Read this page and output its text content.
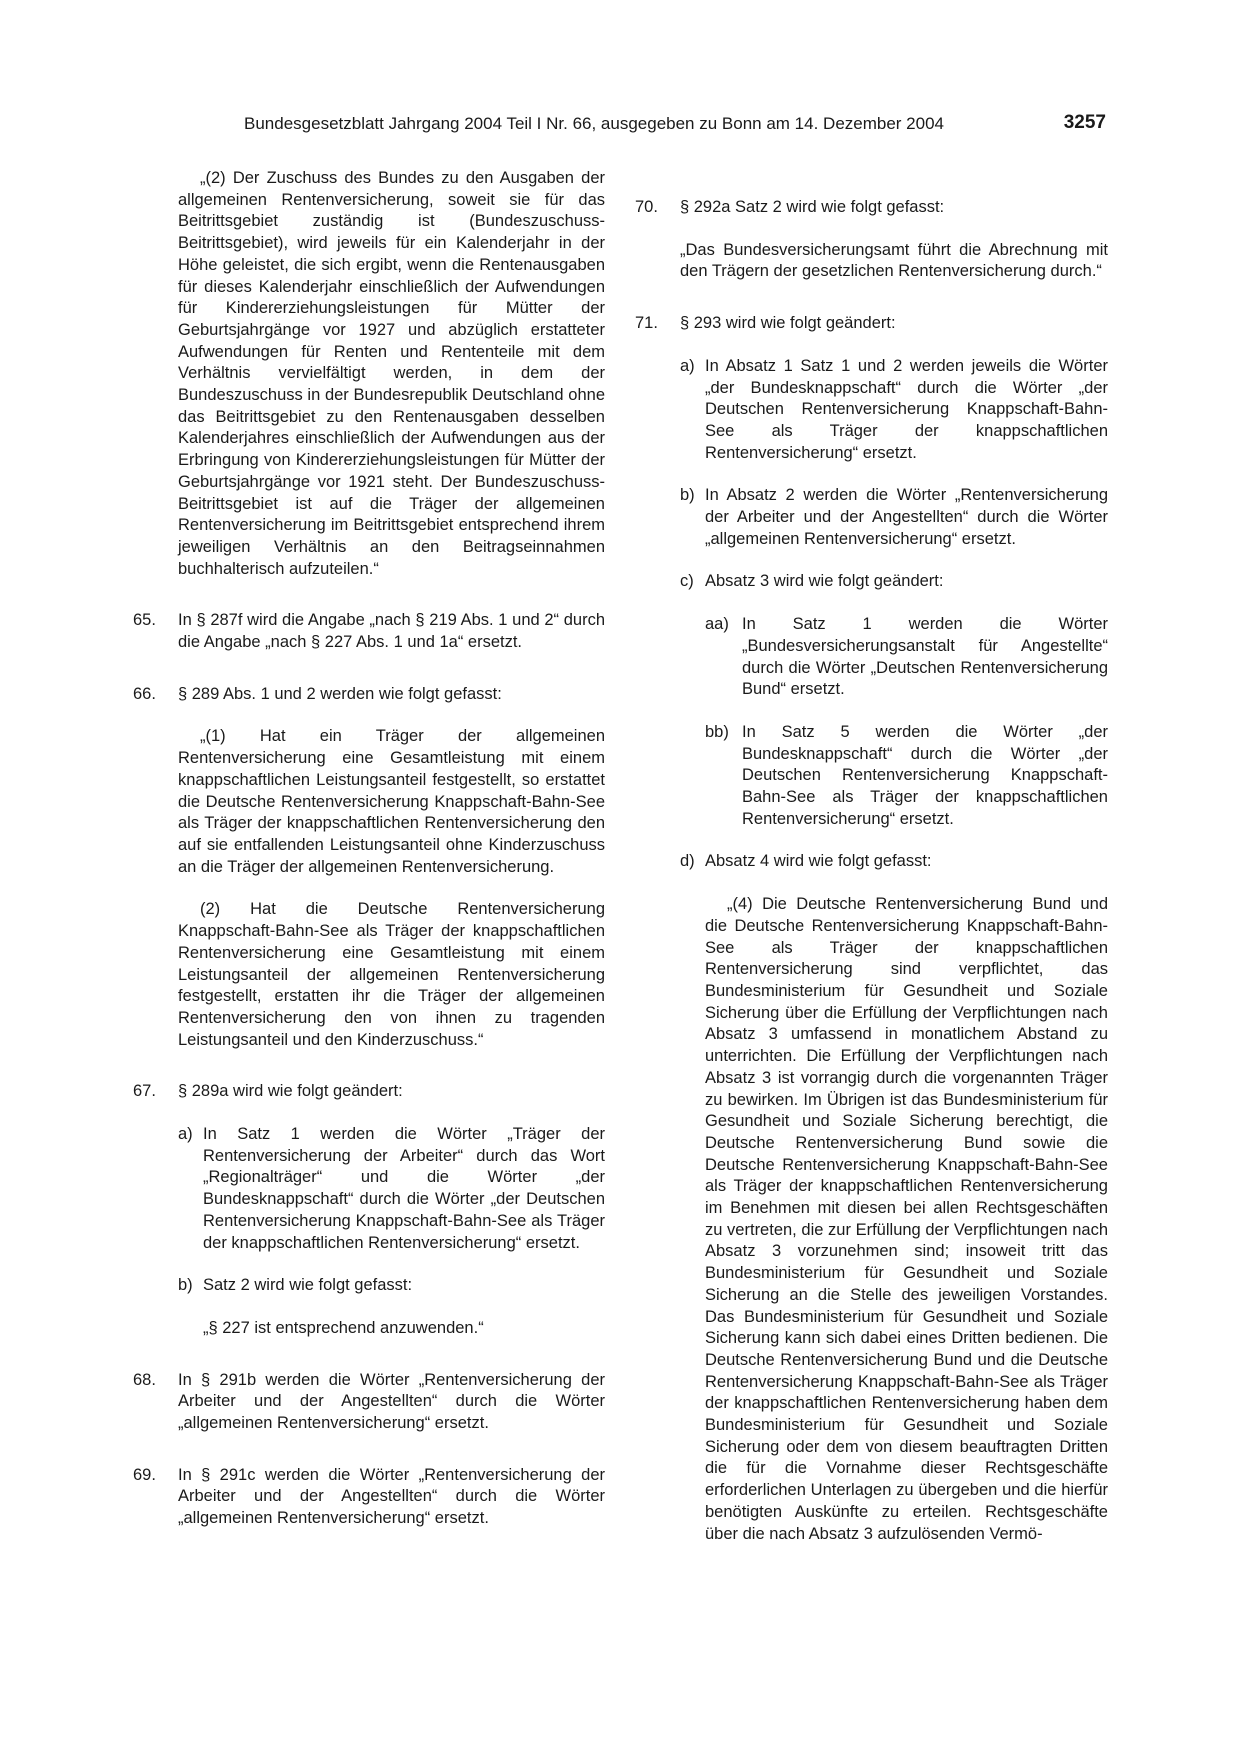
Bundesgesetzblatt Jahrgang 2004 Teil I Nr. 66, ausgegeben zu Bonn am 14. Dezember 2004	3257

„(2) Der Zuschuss des Bundes zu den Ausgaben der allgemeinen Rentenversicherung, soweit sie für das Beitrittsgebiet zuständig ist (Bundeszuschuss-Beitrittsgebiet), wird jeweils für ein Kalenderjahr in der Höhe geleistet, die sich ergibt, wenn die Rentenausgaben für dieses Kalenderjahr einschließlich der Aufwendungen für Kindererziehungsleistungen für Mütter der Geburtsjahrgänge vor 1927 und abzüglich erstatteter Aufwendungen für Renten und Rententeile mit dem Verhältnis vervielfältigt werden, in dem der Bundeszuschuss in der Bundesrepublik Deutschland ohne das Beitrittsgebiet zu den Rentenausgaben desselben Kalenderjahres einschließlich der Aufwendungen aus der Erbringung von Kindererziehungsleistungen für Mütter der Geburtsjahrgänge vor 1921 steht. Der Bundeszuschuss-Beitrittsgebiet ist auf die Träger der allgemeinen Rentenversicherung im Beitrittsgebiet entsprechend ihrem jeweiligen Verhältnis an den Beitragseinnahmen buchhalterisch aufzuteilen.“

65.	In § 287f wird die Angabe „nach § 219 Abs. 1 und 2“ durch die Angabe „nach § 227 Abs. 1 und 1a“ ersetzt.

66.	§ 289 Abs. 1 und 2 werden wie folgt gefasst:

„(1) Hat ein Träger der allgemeinen Rentenversicherung eine Gesamtleistung mit einem knappschaftlichen Leistungsanteil festgestellt, so erstattet die Deutsche Rentenversicherung Knappschaft-Bahn-See als Träger der knappschaftlichen Rentenversicherung den auf sie entfallenden Leistungsanteil ohne Kinderzuschuss an die Träger der allgemeinen Rentenversicherung.

(2) Hat die Deutsche Rentenversicherung Knappschaft-Bahn-See als Träger der knappschaftlichen Rentenversicherung eine Gesamtleistung mit einem Leistungsanteil der allgemeinen Rentenversicherung festgestellt, erstatten ihr die Träger der allgemeinen Rentenversicherung den von ihnen zu tragenden Leistungsanteil und den Kinderzuschuss.“

67.	§ 289a wird wie folgt geändert:

a) In Satz 1 werden die Wörter „Träger der Rentenversicherung der Arbeiter“ durch das Wort „Regionalträger“ und die Wörter „der Bundesknappschaft“ durch die Wörter „der Deutschen Rentenversicherung Knappschaft-Bahn-See als Träger der knappschaftlichen Rentenversicherung“ ersetzt.

b) Satz 2 wird wie folgt gefasst:

„§ 227 ist entsprechend anzuwenden.“

68.	In § 291b werden die Wörter „Rentenversicherung der Arbeiter und der Angestellten“ durch die Wörter „allgemeinen Rentenversicherung“ ersetzt.

69.	In § 291c werden die Wörter „Rentenversicherung der Arbeiter und der Angestellten“ durch die Wörter „allgemeinen Rentenversicherung“ ersetzt.

70.	§ 292a Satz 2 wird wie folgt gefasst:

„Das Bundesversicherungsamt führt die Abrechnung mit den Trägern der gesetzlichen Rentenversicherung durch.“

71.	§ 293 wird wie folgt geändert:

a) In Absatz 1 Satz 1 und 2 werden jeweils die Wörter „der Bundesknappschaft“ durch die Wörter „der Deutschen Rentenversicherung Knappschaft-Bahn-See als Träger der knappschaftlichen Rentenversicherung“ ersetzt.

b) In Absatz 2 werden die Wörter „Rentenversicherung der Arbeiter und der Angestellten“ durch die Wörter „allgemeinen Rentenversicherung“ ersetzt.

c) Absatz 3 wird wie folgt geändert:

aa) In Satz 1 werden die Wörter „Bundesversicherungsanstalt für Angestellte“ durch die Wörter „Deutschen Rentenversicherung Bund“ ersetzt.

bb) In Satz 5 werden die Wörter „der Bundesknappschaft“ durch die Wörter „der Deutschen Rentenversicherung Knappschaft-Bahn-See als Träger der knappschaftlichen Rentenversicherung“ ersetzt.

d) Absatz 4 wird wie folgt gefasst:

„(4) Die Deutsche Rentenversicherung Bund und die Deutsche Rentenversicherung Knappschaft-Bahn-See als Träger der knappschaftlichen Rentenversicherung sind verpflichtet, das Bundesministerium für Gesundheit und Soziale Sicherung über die Erfüllung der Verpflichtungen nach Absatz 3 umfassend in monatlichem Abstand zu unterrichten. Die Erfüllung der Verpflichtungen nach Absatz 3 ist vorrangig durch die vorgenannten Träger zu bewirken. Im Übrigen ist das Bundesministerium für Gesundheit und Soziale Sicherung berechtigt, die Deutsche Rentenversicherung Bund sowie die Deutsche Rentenversicherung Knappschaft-Bahn-See als Träger der knappschaftlichen Rentenversicherung im Benehmen mit diesen bei allen Rechtsgeschäften zu vertreten, die zur Erfüllung der Verpflichtungen nach Absatz 3 vorzunehmen sind; insoweit tritt das Bundesministerium für Gesundheit und Soziale Sicherung an die Stelle des jeweiligen Vorstandes. Das Bundesministerium für Gesundheit und Soziale Sicherung kann sich dabei eines Dritten bedienen. Die Deutsche Rentenversicherung Bund und die Deutsche Rentenversicherung Knappschaft-Bahn-See als Träger der knappschaftlichen Rentenversicherung haben dem Bundesministerium für Gesundheit und Soziale Sicherung oder dem von diesem beauftragten Dritten die für die Vornahme dieser Rechtsgeschäfte erforderlichen Unterlagen zu übergeben und die hierfür benötigten Auskünfte zu erteilen. Rechtsgeschäfte über die nach Absatz 3 aufzulösenden Vermö-
